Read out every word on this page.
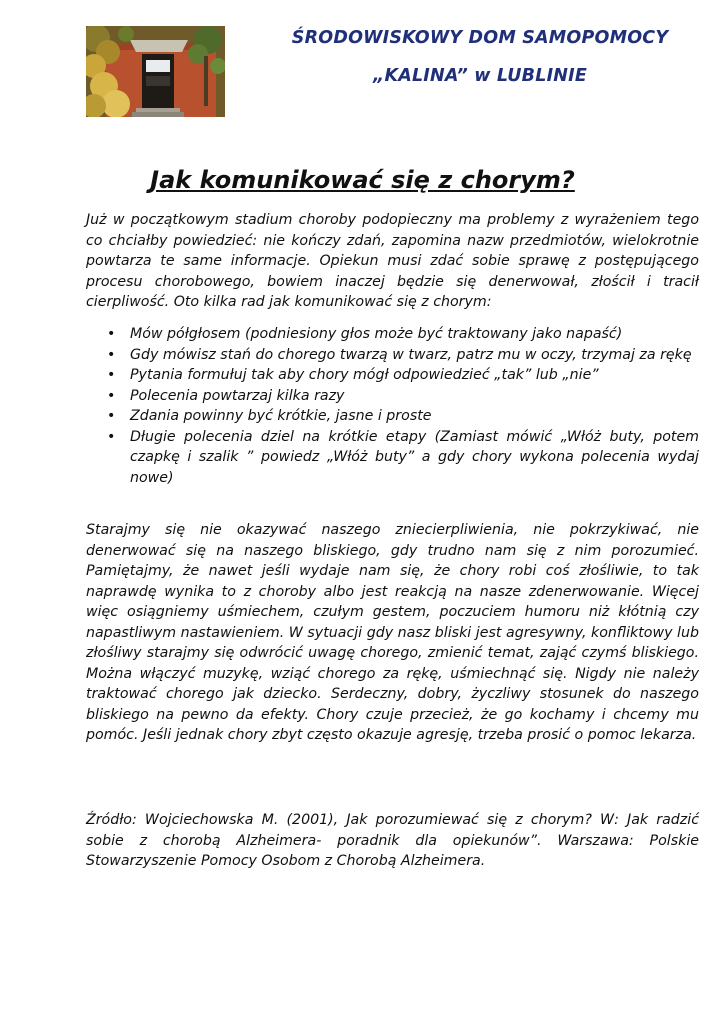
ŚRODOWISKOWY DOM SAMOPOMOCY
„KALINA” w LUBLINIE
Jak komunikować się z chorym?
Już w początkowym stadium choroby podopieczny ma problemy z wyrażeniem tego co chciałby powiedzieć: nie kończy zdań, zapomina nazw przedmiotów, wielokrotnie powtarza te same informacje. Opiekun musi zdać sobie sprawę z postępującego procesu chorobowego, bowiem inaczej będzie się denerwował, złościł i tracił cierpliwość. Oto kilka rad jak komunikować się z chorym:
• Mów półgłosem (podniesiony głos może być traktowany jako napaść)
• Gdy mówisz stań do chorego twarzą w twarz, patrz mu w oczy, trzymaj za rękę
• Pytania formułuj tak aby chory mógł odpowiedzieć „tak” lub „nie”
• Polecenia powtarzaj kilka razy
• Zdania powinny być krótkie, jasne i proste
• Długie polecenia dziel na krótkie etapy (Zamiast mówić „Włóż buty, potem czapkę i szalik ” powiedz „Włóż buty” a gdy chory wykona polecenia wydaj nowe)
Starajmy się nie okazywać naszego zniecierpliwienia, nie pokrzykiwać, nie denerwować się na naszego bliskiego, gdy trudno nam się z nim porozumieć. Pamiętajmy, że nawet jeśli wydaje nam się, że chory robi coś złośliwie, to tak naprawdę wynika to z choroby albo jest reakcją na nasze zdenerwowanie. Więcej więc osiągniemy uśmiechem, czułym gestem, poczuciem humoru niż kłótnią czy napastliwym nastawieniem. W sytuacji gdy nasz bliski jest agresywny, konfliktowy lub złośliwy starajmy się odwrócić uwagę chorego, zmienić temat, zająć czymś bliskiego. Można włączyć muzykę, wziąć chorego za rękę, uśmiechnąć się. Nigdy nie należy traktować chorego jak dziecko. Serdeczny, dobry, życzliwy stosunek do naszego bliskiego na pewno da efekty. Chory czuje przecież, że go kochamy i chcemy mu pomóc. Jeśli jednak chory zbyt często okazuje agresję, trzeba prosić o pomoc lekarza.
Źródło: Wojciechowska M. (2001), Jak porozumiewać się z chorym? W: Jak radzić sobie z chorobą Alzheimera- poradnik dla opiekunów”. Warszawa: Polskie Stowarzyszenie Pomocy Osobom z Chorobą Alzheimera.
